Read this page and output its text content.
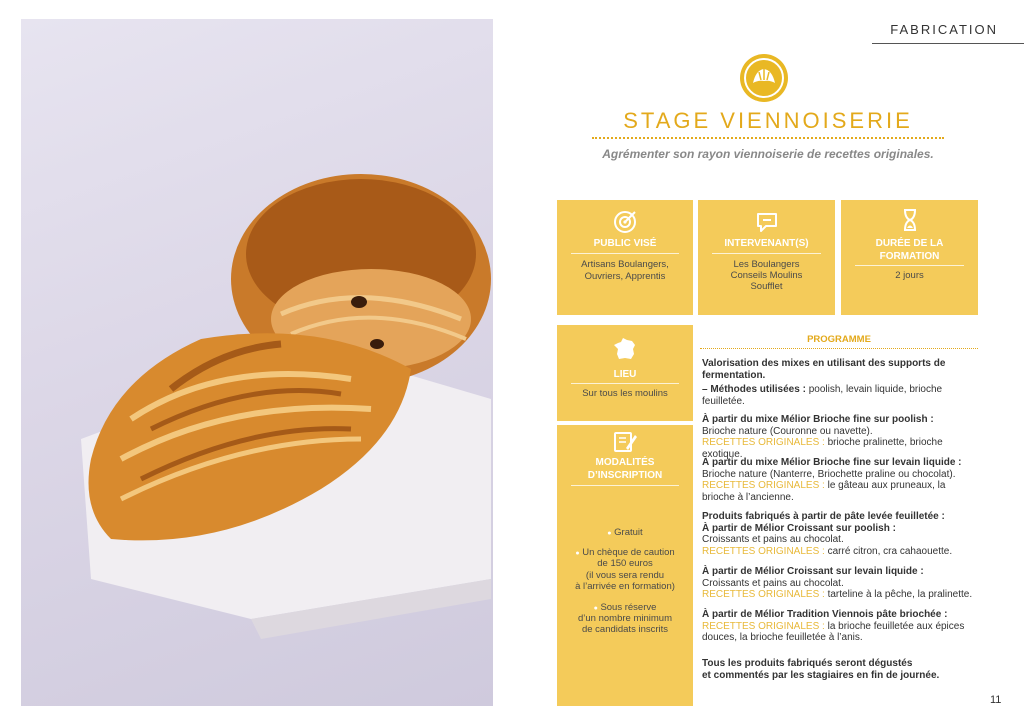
FABRICATION
STAGE VIENNOISERIE
Agrémenter son rayon viennoiserie de recettes originales.
PUBLIC VISÉ
Artisans Boulangers,
Ouvriers, Apprentis
INTERVENANT(S)
Les Boulangers
Conseils Moulins
Soufflet
DURÉE DE LA
FORMATION
2 jours
LIEU
Sur tous les moulins
MODALITÉS
D’INSCRIPTION
● Gratuit
● Un chèque de caution
de 150 euros
(il vous sera rendu
à l’arrivée en formation)
● Sous réserve
d’un nombre minimum
de candidats inscrits
PROGRAMME
Valorisation des mixes en utilisant des supports de fermentation.
– Méthodes utilisées : poolish, levain liquide, brioche feuilletée.
À partir du mixe Mélior Brioche fine sur poolish :
Brioche nature (Couronne ou navette).
RECETTES ORIGINALES : brioche pralinette, brioche exotique.
À partir du mixe Mélior Brioche fine sur levain liquide :
Brioche nature (Nanterre, Briochette praline ou chocolat).
RECETTES ORIGINALES : le gâteau aux pruneaux, la brioche à l’ancienne.
Produits fabriqués à partir de pâte levée feuilletée :
À partir de Mélior Croissant sur poolish :
Croissants et pains au chocolat.
RECETTES ORIGINALES : carré citron, cra cahaouette.
À partir de Mélior Croissant sur levain liquide :
Croissants et pains au chocolat.
RECETTES ORIGINALES : tarteline à la pêche, la pralinette.
À partir de Mélior Tradition Viennois pâte briochée :
RECETTES ORIGINALES : la brioche feuilletée aux épices douces, la brioche feuilletée à l’anis.
Tous les produits fabriqués seront dégustés
et commentés par les stagiaires en fin de journée.
11
